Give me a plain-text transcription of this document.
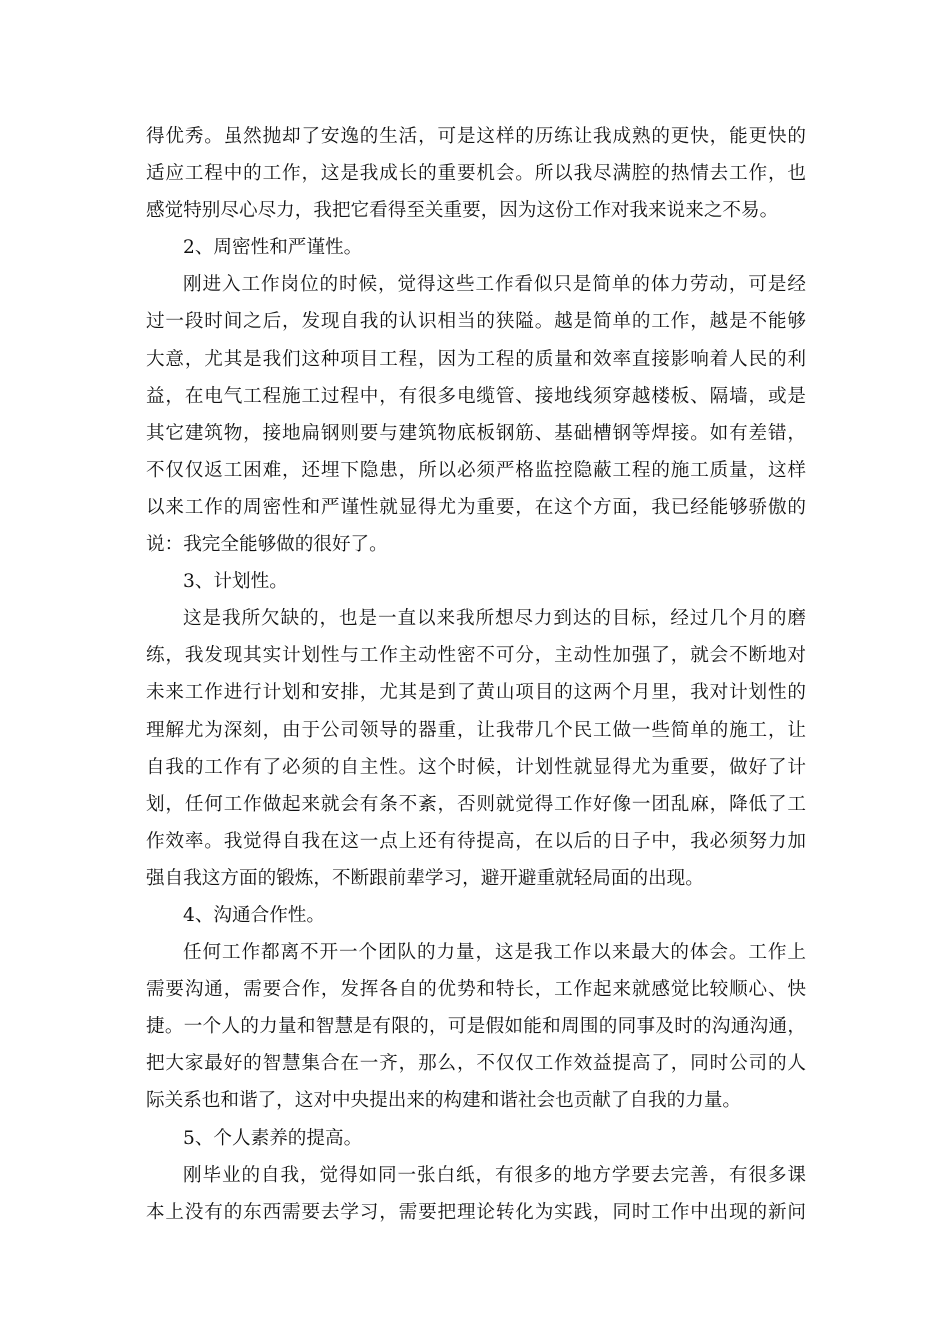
得优秀。虽然抛却了安逸的生活，可是这样的历练让我成熟的更快，能更快的
适应工程中的工作，这是我成长的重要机会。所以我尽满腔的热情去工作，也
感觉特别尽心尽力，我把它看得至关重要，因为这份工作对我来说来之不易。
2、周密性和严谨性。
刚进入工作岗位的时候，觉得这些工作看似只是简单的体力劳动，可是经
过一段时间之后，发现自我的认识相当的狭隘。越是简单的工作，越是不能够
大意，尤其是我们这种项目工程，因为工程的质量和效率直接影响着人民的利
益，在电气工程施工过程中，有很多电缆管、接地线须穿越楼板、隔墙，或是
其它建筑物，接地扁钢则要与建筑物底板钢筋、基础槽钢等焊接。如有差错，
不仅仅返工困难，还埋下隐患，所以必须严格监控隐蔽工程的施工质量，这样
以来工作的周密性和严谨性就显得尤为重要，在这个方面，我已经能够骄傲的
说：我完全能够做的很好了。
3、计划性。
这是我所欠缺的，也是一直以来我所想尽力到达的目标，经过几个月的磨
练，我发现其实计划性与工作主动性密不可分，主动性加强了，就会不断地对
未来工作进行计划和安排，尤其是到了黄山项目的这两个月里，我对计划性的
理解尤为深刻，由于公司领导的器重，让我带几个民工做一些简单的施工，让
自我的工作有了必须的自主性。这个时候，计划性就显得尤为重要，做好了计
划，任何工作做起来就会有条不紊，否则就觉得工作好像一团乱麻，降低了工
作效率。我觉得自我在这一点上还有待提高，在以后的日子中，我必须努力加
强自我这方面的锻炼，不断跟前辈学习，避开避重就轻局面的出现。
4、沟通合作性。
任何工作都离不开一个团队的力量，这是我工作以来最大的体会。工作上
需要沟通，需要合作，发挥各自的优势和特长，工作起来就感觉比较顺心、快
捷。一个人的力量和智慧是有限的，可是假如能和周围的同事及时的沟通沟通，
把大家最好的智慧集合在一齐，那么，不仅仅工作效益提高了，同时公司的人
际关系也和谐了，这对中央提出来的构建和谐社会也贡献了自我的力量。
5、个人素养的提高。
刚毕业的自我，觉得如同一张白纸，有很多的地方学要去完善，有很多课
本上没有的东西需要去学习，需要把理论转化为实践，同时工作中出现的新问
